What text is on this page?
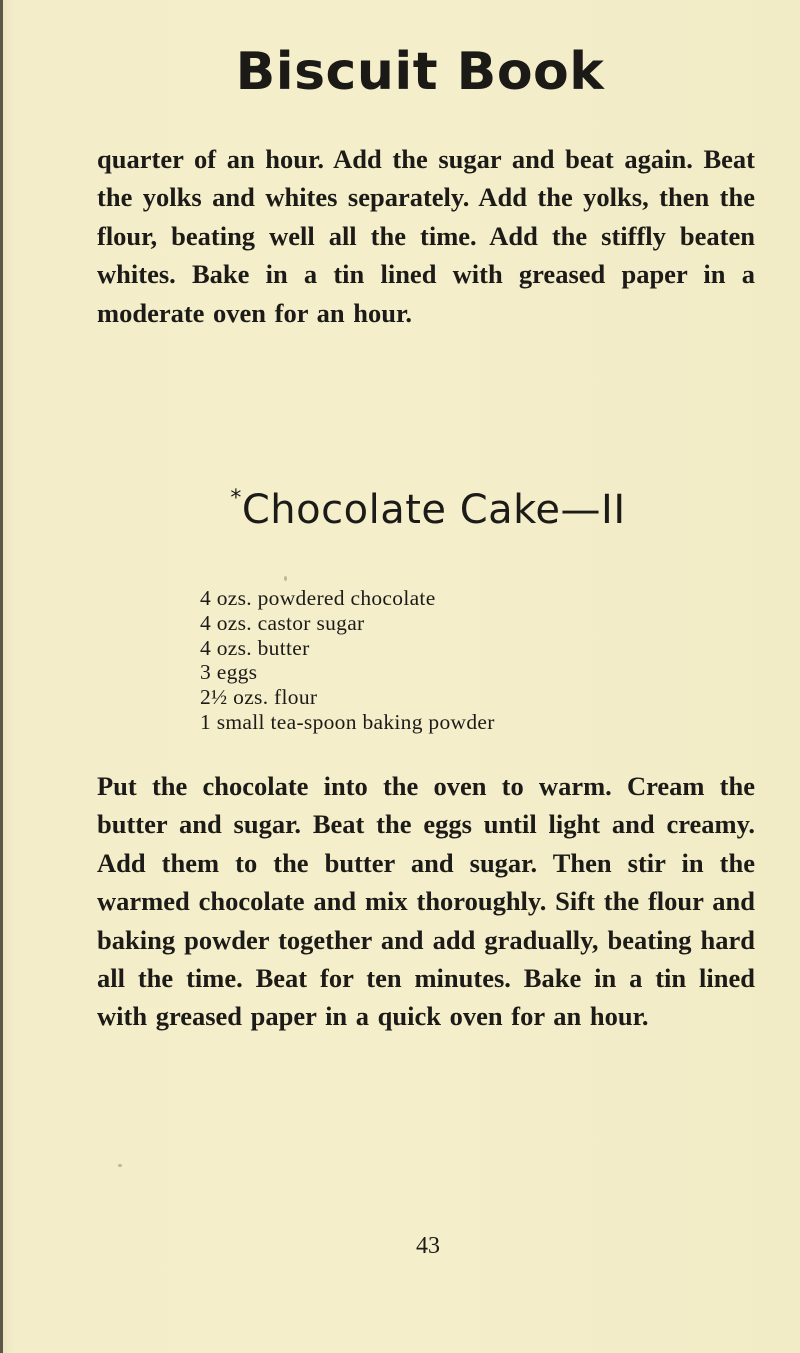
Biscuit Book

quarter of an hour. Add the sugar and beat again. Beat the yolks and whites separately. Add the yolks, then the flour, beating well all the time. Add the stiffly beaten whites. Bake in a tin lined with greased paper in a moderate oven for an hour.

*Chocolate Cake—II
4 ozs. powdered chocolate
4 ozs. castor sugar
4 ozs. butter
3 eggs
2½ ozs. flour
1 small tea-spoon baking powder

Put the chocolate into the oven to warm. Cream the butter and sugar. Beat the eggs until light and creamy. Add them to the butter and sugar. Then stir in the warmed chocolate and mix thoroughly. Sift the flour and baking powder together and add gradually, beating hard all the time. Beat for ten minutes. Bake in a tin lined with greased paper in a quick oven for an hour.

43
